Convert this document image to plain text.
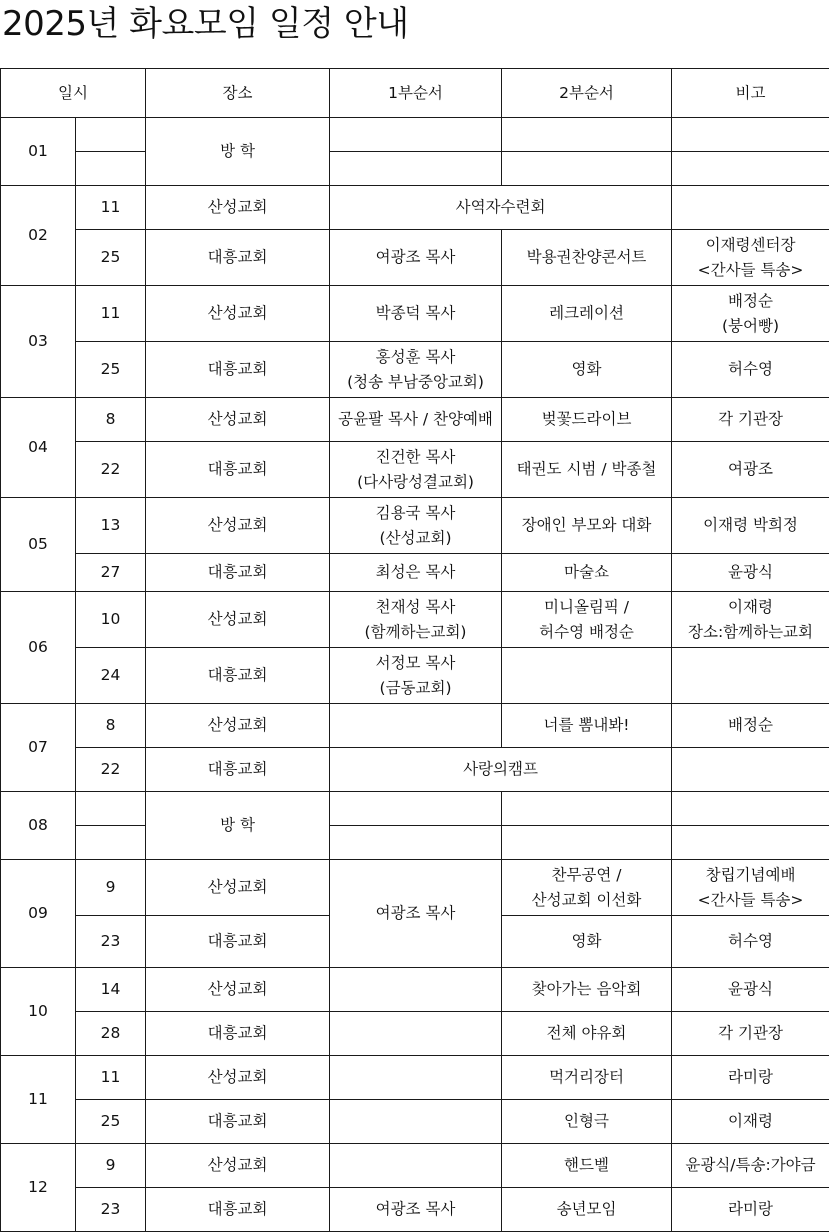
2025년 화요모임 일정 안내
일시		장소	1부순서	2부순서	비고
01		방 학			

02	11	산성교회	사역자수련회		
	25	대흥교회	여광조 목사	박용권찬양콘서트	이재령센터장
<간사들 특송>

03	11	산성교회	박종덕 목사	레크레이션	배정순
(붕어빵)

	25	대흥교회	홍성훈 목사
(청송 부남중앙교회)	영화	허수영

04	8	산성교회	공윤팔 목사 / 찬양예배	벚꽃드라이브	각 기관장

	22	대흥교회	진건한 목사
(다사랑성결교회)	태권도 시범 / 박종철	여광조

05	13	산성교회	김용국 목사
(산성교회)	장애인 부모와 대화	이재령 박희정

	27	대흥교회	최성은 목사	마술쇼	윤광식

06	10	산성교회	천재성 목사
(함께하는교회)	미니올림픽 /
허수영 배정순	이재령
장소:함께하는교회

	24	대흥교회	서정모 목사
(금동교회)		

07	8	산성교회		너를 뽐내봐!	배정순

	22	대흥교회	사랑의캠프		
08		방 학			

09	9	산성교회	여광조 목사	찬무공연 /
산성교회 이선화	창립기념예배
<간사들 특송>

	23	대흥교회		영화	허수영

10	14	산성교회		찾아가는 음악회	윤광식

	28	대흥교회		전체 야유회	각 기관장

11	11	산성교회		먹거리장터	라미랑

	25	대흥교회		인형극	이재령

12	9	산성교회		핸드벨	윤광식/특송:가야금

	23	대흥교회	여광조 목사	송년모임	라미랑
